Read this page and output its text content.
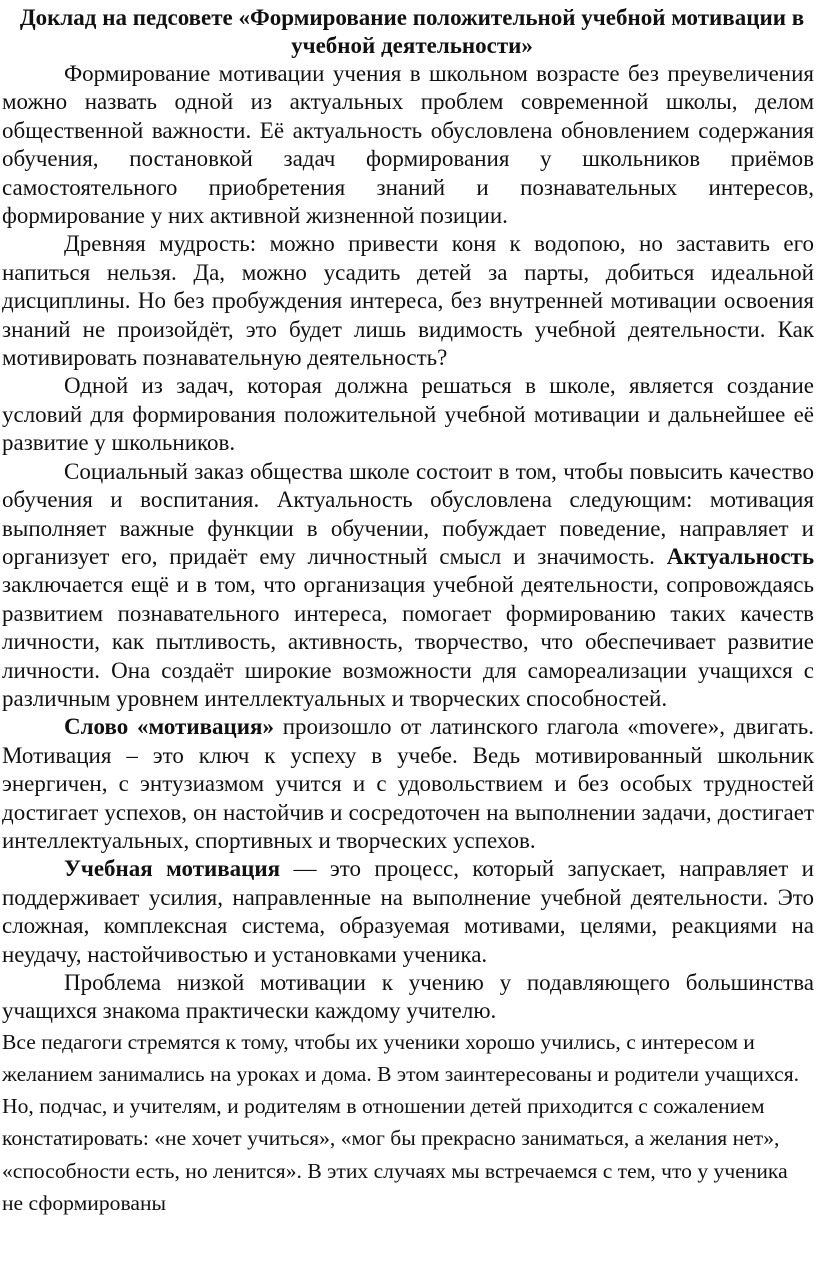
Доклад на педсовете «Формирование положительной учебной мотивации в учебной деятельности»

Формирование мотивации учения в школьном возрасте без преувеличения можно назвать одной из актуальных проблем современной школы, делом общественной важности. Её актуальность обусловлена обновлением содержания обучения, постановкой задач формирования у школьников приёмов самостоятельного приобретения знаний и познавательных интересов, формирование у них активной жизненной позиции.

Древняя мудрость: можно привести коня к водопою, но заставить его напиться нельзя. Да, можно усадить детей за парты, добиться идеальной дисциплины. Но без пробуждения интереса, без внутренней мотивации освоения знаний не произойдёт, это будет лишь видимость учебной деятельности. Как мотивировать познавательную деятельность?

Одной из задач, которая должна решаться в школе, является создание условий для формирования положительной учебной мотивации и дальнейшее её развитие у школьников.

Социальный заказ общества школе состоит в том, чтобы повысить качество обучения и воспитания. Актуальность обусловлена следующим: мотивация выполняет важные функции в обучении, побуждает поведение, направляет и организует его, придаёт ему личностный смысл и значимость. Актуальность заключается ещё и в том, что организация учебной деятельности, сопровождаясь развитием познавательного интереса, помогает формированию таких качеств личности, как пытливость, активность, творчество, что обеспечивает развитие личности. Она создаёт широкие возможности для самореализации учащихся с различным уровнем интеллектуальных и творческих способностей.

Слово «мотивация» произошло от латинского глагола «movere», двигать. Мотивация – это ключ к успеху в учебе. Ведь мотивированный школьник энергичен, с энтузиазмом учится и с удовольствием и без особых трудностей достигает успехов, он настойчив и сосредоточен на выполнении задачи, достигает интеллектуальных, спортивных и творческих успехов.

Учебная мотивация — это процесс, который запускает, направляет и поддерживает усилия, направленные на выполнение учебной деятельности. Это сложная, комплексная система, образуемая мотивами, целями, реакциями на неудачу, настойчивостью и установками ученика.

Проблема низкой мотивации к учению у подавляющего большинства учащихся знакома практически каждому учителю.

Все педагоги стремятся к тому, чтобы их ученики хорошо учились, с интересом и желанием занимались на уроках и дома. В этом заинтересованы и родители учащихся. Но, подчас, и учителям, и родителям в отношении детей приходится с сожалением констатировать: «не хочет учиться», «мог бы прекрасно заниматься, а желания нет», «способности есть, но ленится». В этих случаях мы встречаемся с тем, что у ученика не сформированы
